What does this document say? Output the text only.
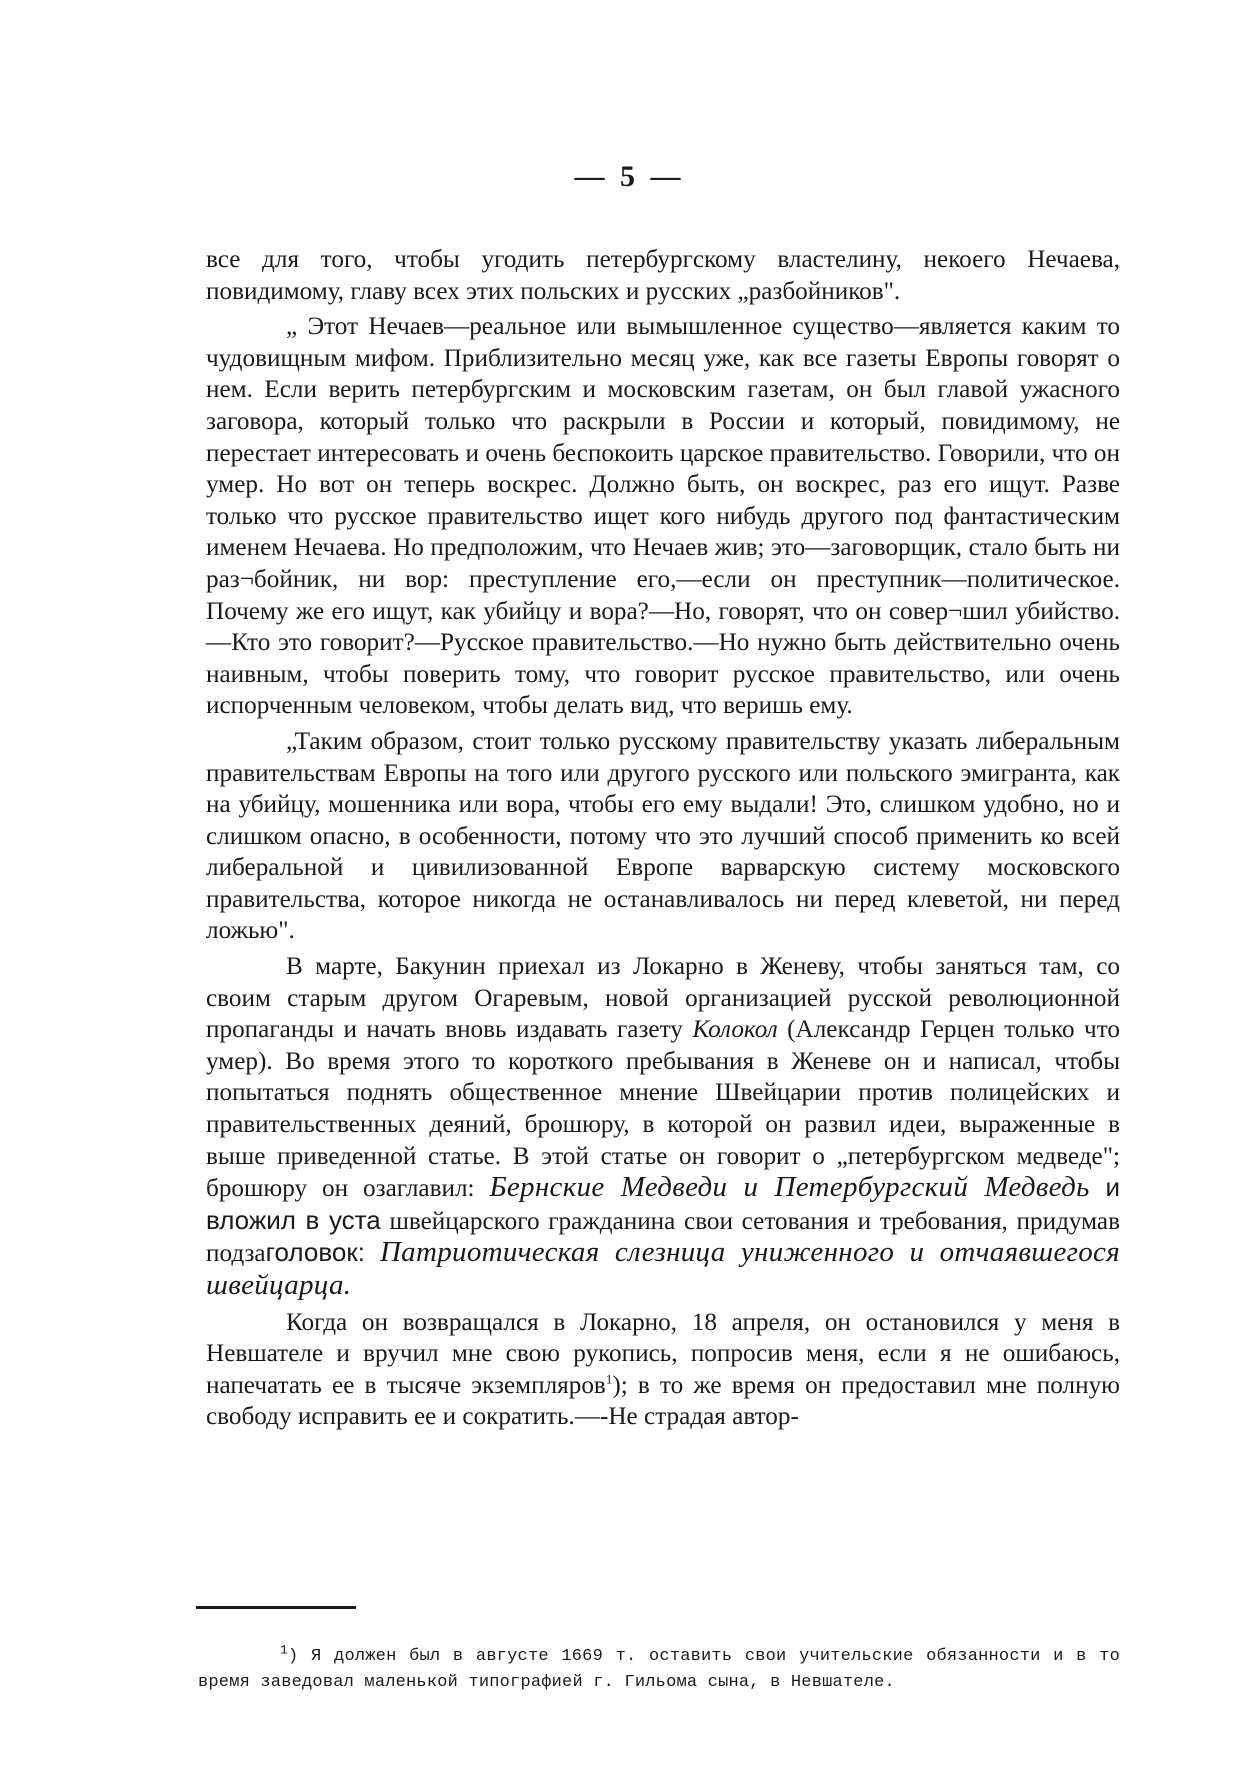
— 5 —

все для того, чтобы угодить петербургскому властелину, некоего Нечаева, повидимому, главу всех этих польских и русских „разбойников".

„ Этот Нечаев—реальное или вымышленное существо—является каким то чудовищным мифом. Приблизительно месяц уже, как все газеты Европы говорят о нем. Если верить петербургским и московским газетам, он был главой ужасного заговора, который только что раскрыли в России и который, повидимому, не перестает интересовать и очень беспокоить царское правительство. Говорили, что он умер. Но вот он теперь воскрес. Должно быть, он воскрес, раз его ищут. Разве только что русское правительство ищет кого нибудь другого под фантастическим именем Нечаева. Но предположим, что Нечаев жив; это—заговорщик, стало быть ни раз¬бойник, ни вор: преступление его,—если он преступник—политическое. Почему же его ищут, как убийцу и вора?—Но, говорят, что он совер¬шил убийство.—Кто это говорит?—Русское правительство.—Но нужно быть действительно очень наивным, чтобы поверить тому, что говорит русское правительство, или очень испорченным человеком, чтобы делать вид, что веришь ему.

„Таким образом, стоит только русскому правительству указать либеральным правительствам Европы на того или другого русского или польского эмигранта, как на убийцу, мошенника или вора, чтобы его ему выдали! Это, слишком удобно, но и слишком опасно, в особенности, потому что это лучший способ применить ко всей либеральной и цивилизованной Европе варварскую систему московского правительства, которое никогда не останавливалось ни перед клеветой, ни перед ложью".

В марте, Бакунин приехал из Локарно в Женеву, чтобы заняться там, со своим старым другом Огаревым, новой организацией русской революционной пропаганды и начать вновь издавать газету Колокол (Александр Герцен только что умер). Во время этого то короткого пребывания в Женеве он и написал, чтобы попытаться поднять общественное мнение Швейцарии против полицейских и правительственных деяний, брошюру, в которой он развил идеи, выраженные в выше приведенной статье. В этой статье он говорит о „петербургском медведе"; брошюру он озаглавил: Бернские Медведи и Петербургский Медведь и вложил в уста швейцарского гражданина свои сетования и требования, придумав подзаголовок: Патриотическая слезница униженного и отчаявшегося швейцарца.

Когда он возвращался в Локарно, 18 апреля, он остановился у меня в Невшателе и вручил мне свою рукопись, попросив меня, если я не ошибаюсь, напечатать ее в тысяче экземпляров$^1$); в то же время он предоставил мне полную свободу исправить ее и сократить.—-Не страдая автор-

$^1$) Я должен был в августе 1669 т. оставить свои учительские обязанности и в то время заведовал маленькой типографией г. Гильома сына, в Невшателе.
